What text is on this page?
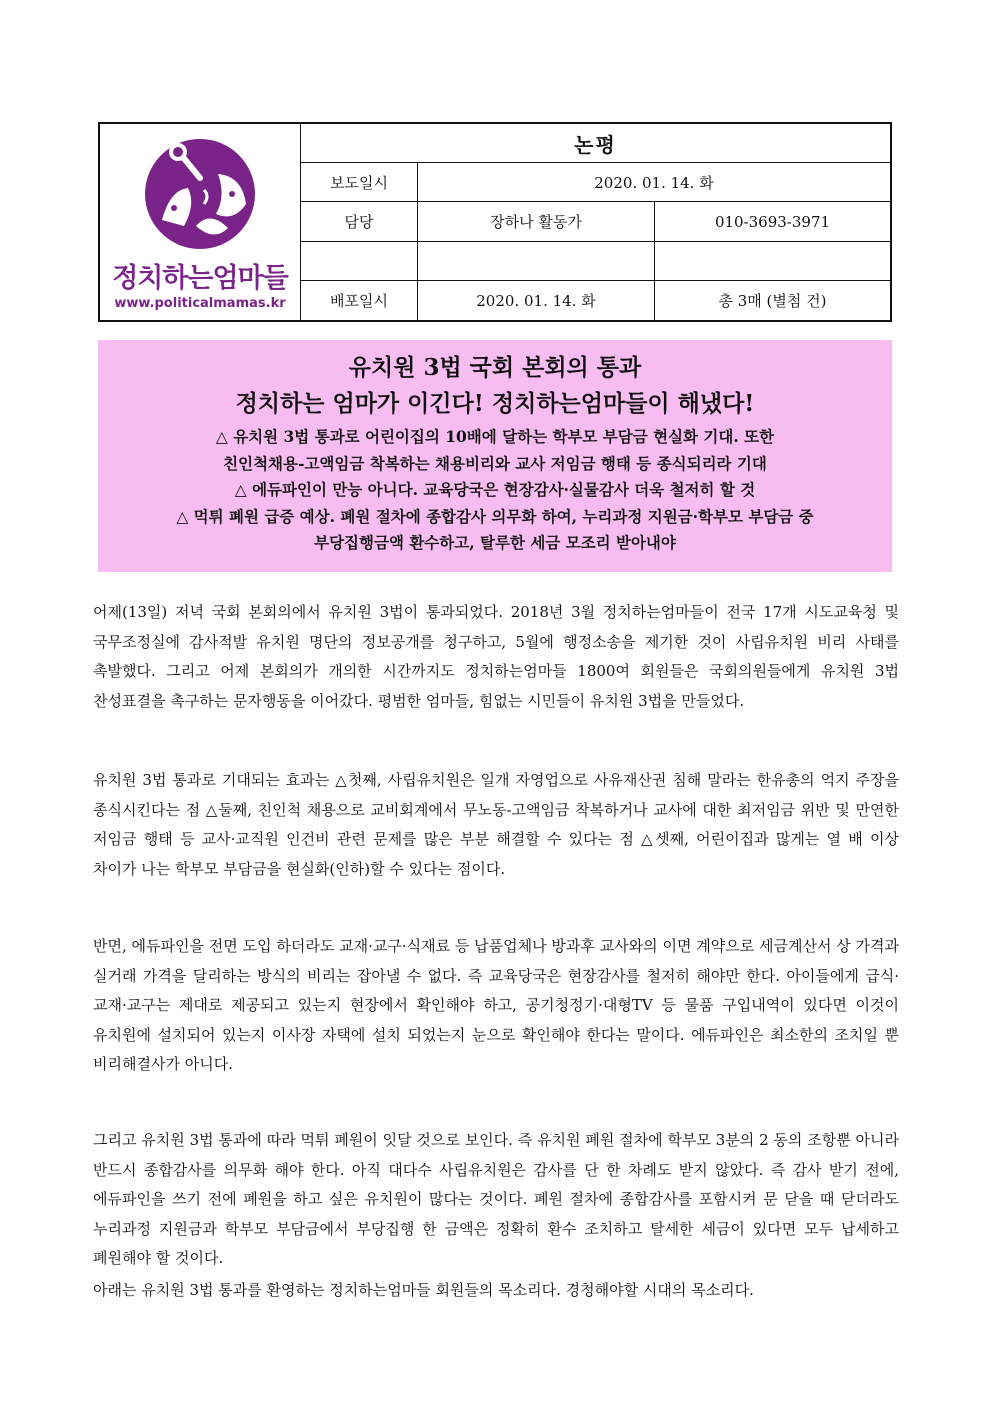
정치하는엄마들
www.politicalmamas.kr
논평
보도일시	2020. 01. 14. 화
담당	장하나 활동가	010-3693-3971
배포일시	2020. 01. 14. 화	총 3매 (별첨 건)
유치원 3법 국회 본회의 통과
정치하는 엄마가 이긴다! 정치하는엄마들이 해냈다!
△ 유치원 3법 통과로 어린이집의 10배에 달하는 학부모 부담금 현실화 기대. 또한
친인척채용-고액임금 착복하는 채용비리와 교사 저임금 행태 등 종식되리라 기대
△ 에듀파인이 만능 아니다. 교육당국은 현장감사·실물감사 더욱 철저히 할 것
△ 먹튀 폐원 급증 예상. 폐원 절차에 종합감사 의무화 하여, 누리과정 지원금·학부모 부담금 중
부당집행금액 환수하고, 탈루한 세금 모조리 받아내야
어제(13일) 저녁 국회 본회의에서 유치원 3법이 통과되었다. 2018년 3월 정치하는엄마들이 전국 17개 시도교육청 및 국무조정실에 감사적발 유치원 명단의 정보공개를 청구하고, 5월에 행정소송을 제기한 것이 사립유치원 비리 사태를 촉발했다. 그리고 어제 본회의가 개의한 시간까지도 정치하는엄마들 1800여 회원들은 국회의원들에게 유치원 3법 찬성표결을 촉구하는 문자행동을 이어갔다. 평범한 엄마들, 힘없는 시민들이 유치원 3법을 만들었다.
유치원 3법 통과로 기대되는 효과는 △첫째, 사립유치원은 일개 자영업으로 사유재산권 침해 말라는 한유총의 억지 주장을 종식시킨다는 점 △둘째, 친인척 채용으로 교비회계에서 무노동-고액임금 착복하거나 교사에 대한 최저임금 위반 및 만연한 저임금 행태 등 교사·교직원 인건비 관련 문제를 많은 부분 해결할 수 있다는 점 △셋째, 어린이집과 많게는 열 배 이상 차이가 나는 학부모 부담금을 현실화(인하)할 수 있다는 점이다.
반면, 에듀파인을 전면 도입 하더라도 교재·교구·식재료 등 납품업체나 방과후 교사와의 이면 계약으로 세금계산서 상 가격과 실거래 가격을 달리하는 방식의 비리는 잡아낼 수 없다. 즉 교육당국은 현장감사를 철저히 해야만 한다. 아이들에게 급식·교재·교구는 제대로 제공되고 있는지 현장에서 확인해야 하고, 공기청정기·대형TV 등 물품 구입내역이 있다면 이것이 유치원에 설치되어 있는지 이사장 자택에 설치 되었는지 눈으로 확인해야 한다는 말이다. 에듀파인은 최소한의 조치일 뿐 비리해결사가 아니다.
그리고 유치원 3법 통과에 따라 먹튀 폐원이 잇달 것으로 보인다. 즉 유치원 폐원 절차에 학부모 3분의 2 동의 조항뿐 아니라 반드시 종합감사를 의무화 해야 한다. 아직 대다수 사립유치원은 감사를 단 한 차례도 받지 않았다. 즉 감사 받기 전에, 에듀파인을 쓰기 전에 폐원을 하고 싶은 유치원이 많다는 것이다. 폐원 절차에 종합감사를 포함시켜 문 닫을 때 닫더라도 누리과정 지원금과 학부모 부담금에서 부당집행 한 금액은 정확히 환수 조치하고 탈세한 세금이 있다면 모두 납세하고 폐원해야 할 것이다.
아래는 유치원 3법 통과를 환영하는 정치하는엄마들 회원들의 목소리다. 경청해야할 시대의 목소리다.
